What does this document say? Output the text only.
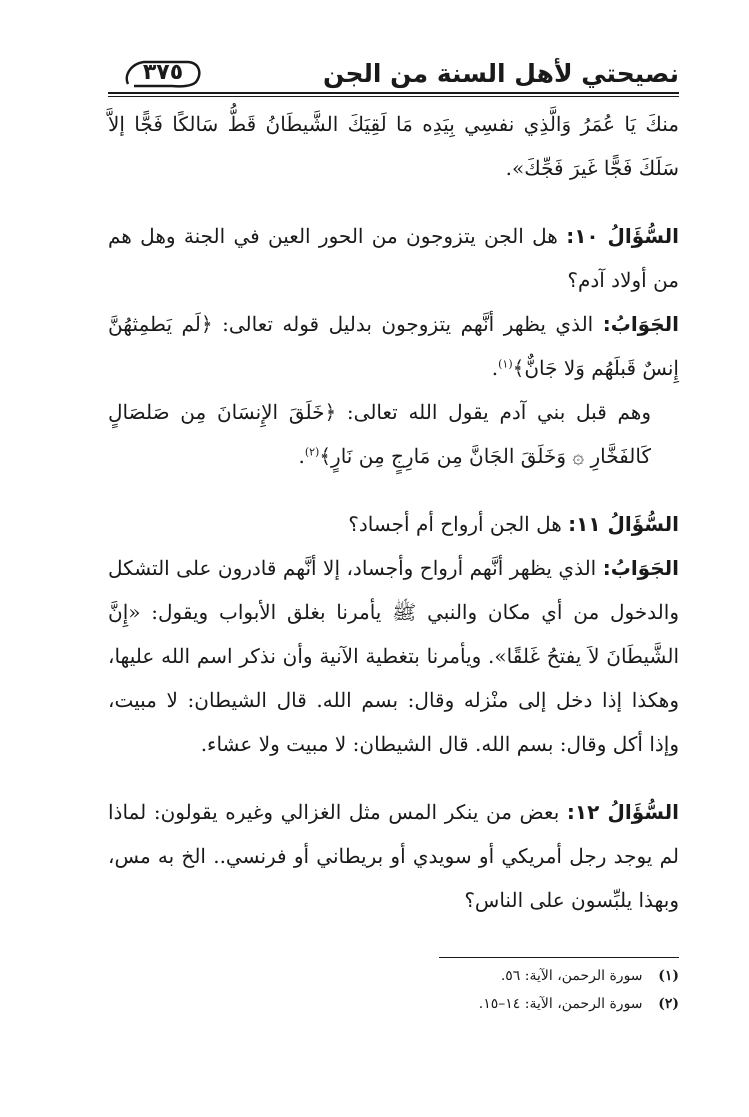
نصيحتي لأهل السنة من الجن
٣٧٥

منكَ يَا عُمَرُ وَالَّذِي نفسِي بِيَدِه مَا لَقِيَكَ الشَّيطَانُ قَطُّ سَالكًا فَجًّا إلاَّ سَلَكَ فَجًّا غَيرَ فَجِّكَ».

السُّؤَالُ ١٠: هل الجن يتزوجون من الحور العين في الجنة وهل هم من أولاد آدم؟

الجَوَابُ: الذي يظهر أنَّهم يتزوجون بدليل قوله تعالى: ﴿لَم يَطمِثهُنَّ إِنسٌ قَبلَهُم وَلا جَانٌّ﴾$^{(١)}$.

وهم قبل بني آدم يقول الله تعالى: ﴿خَلَقَ الإِنسَانَ مِن صَلصَالٍ كَالفَخَّارِ ۞ وَخَلَقَ الجَانَّ مِن مَارِجٍ مِن نَارٍ﴾$^{(٢)}$.

السُّؤَالُ ١١: هل الجن أرواح أم أجساد؟

الجَوَابُ: الذي يظهر أنَّهم أرواح وأجساد، إلا أنَّهم قادرون على التشكل والدخول من أي مكان والنبي ﷺ يأمرنا بغلق الأبواب ويقول: «إِنَّ الشَّيطَانَ لاَ يفتحُ غَلقًا». ويأمرنا بتغطية الآنية وأن نذكر اسم الله عليها، وهكذا إذا دخل إلى منْزله وقال: بسم الله. قال الشيطان: لا مبيت، وإذا أكل وقال: بسم الله. قال الشيطان: لا مبيت ولا عشاء.

السُّؤَالُ ١٢: بعض من ينكر المس مثل الغزالي وغيره يقولون: لماذا لم يوجد رجل أمريكي أو سويدي أو بريطاني أو فرنسي.. الخ به مس، وبهذا يلبِّسون على الناس؟

(١) سورة الرحمن، الآية: ٥٦.
(٢) سورة الرحمن، الآية: ١٤–١٥.
